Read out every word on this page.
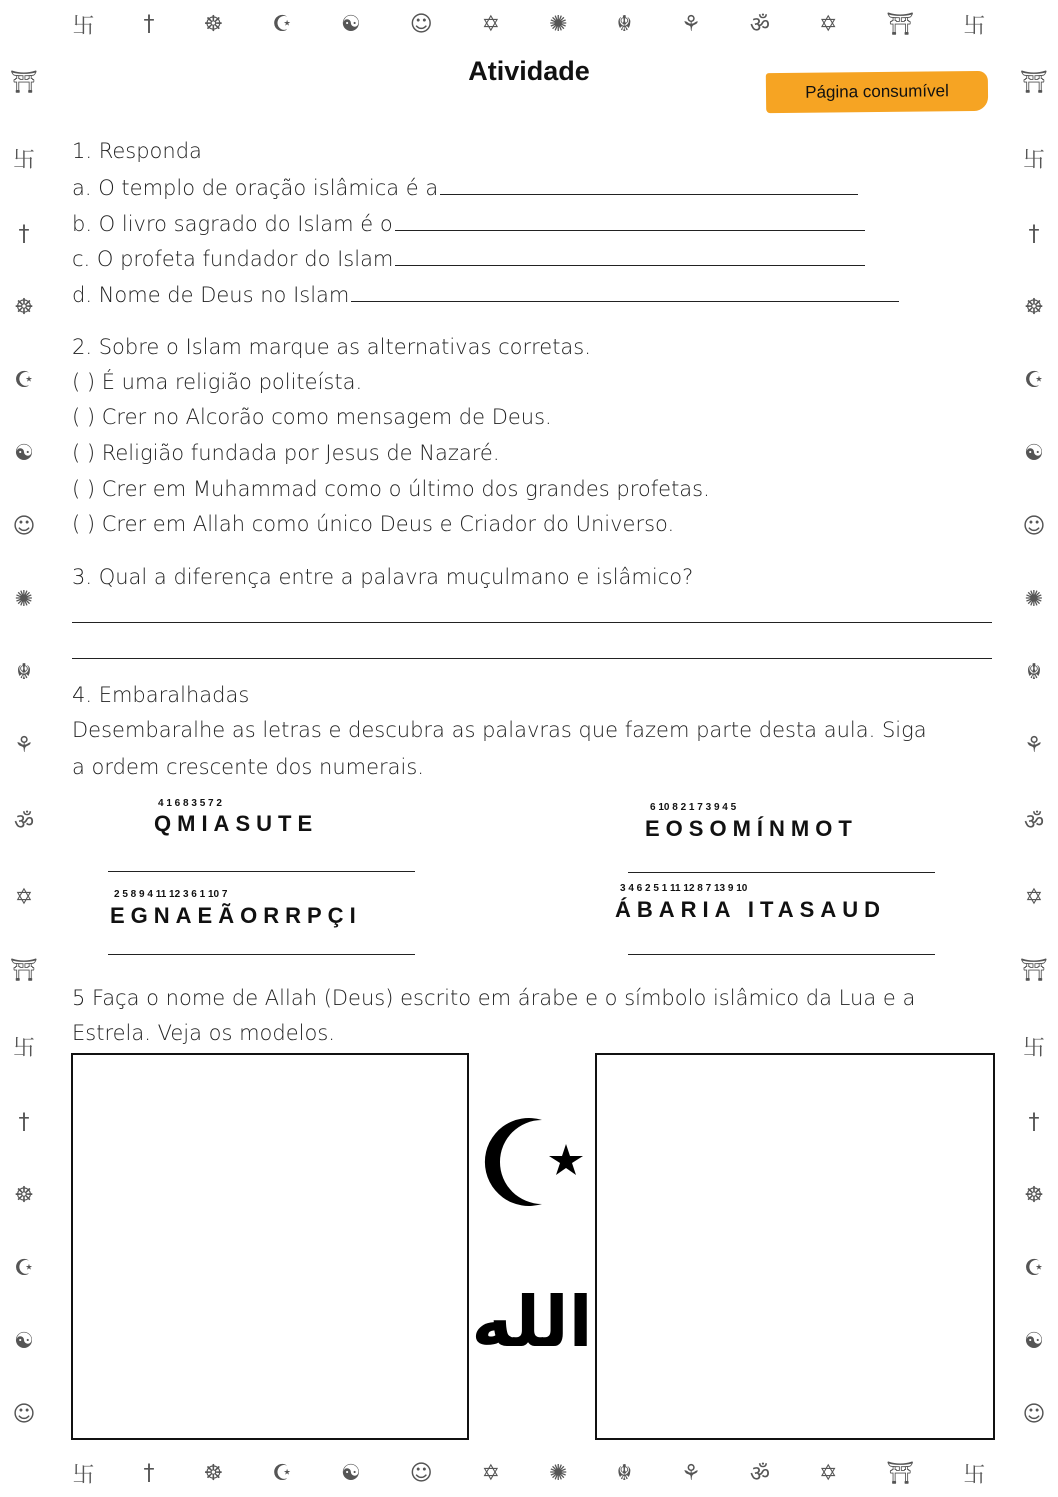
卐 † ☸ ☪ ☯ ☺ ✡ ✺ ☬ ⚘ ॐ ✡ ⛩ 卐
卐 † ☸ ☪ ☯ ☺ ✡ ✺ ☬ ⚘ ॐ ✡ ⛩ 卐
⛩
卐
†
☸
☪
☯
☺
✺
☬
⚘
ॐ
✡
⛩
卐
†
☸
☪
☯
☺
⛩
卐
†
☸
☪
☯
☺
✺
☬
⚘
ॐ
✡
⛩
卐
†
☸
☪
☯
☺
Atividade
Página consumível
1. Responda
a. O templo de oração islâmica é a
b. O livro sagrado do Islam é o
c. O profeta fundador do Islam
d. Nome de Deus no Islam
2. Sobre o Islam marque as alternativas corretas.
( ) É uma religião politeísta.
( ) Crer no Alcorão como mensagem de Deus.
( ) Religião fundada por Jesus de Nazaré.
( ) Crer em Muhammad como o último dos grandes profetas.
( ) Crer em Allah como único Deus e Criador do Universo.
3. Qual a diferença entre a palavra muçulmano e islâmico?
4. Embaralhadas
Desembaralhe as letras e descubra as palavras que fazem parte desta aula. Siga
a ordem crescente dos numerais.
4 1 6 8 3 5 7 2
QMIASUTE
6 10 8 2 1 7 3 9 4 5
EOSOMÍNMOT
2 5 8 9 4 11 12 3 6 1 10 7
EGNAEÃORRPÇI
3 4 6 2 5 1 11 12 8 7 13 9 10
ÁBARIA ITASAUD
5 Faça o nome de Allah (Deus) escrito em árabe e o símbolo islâmico da Lua e a
Estrela. Veja os modelos.
الله
